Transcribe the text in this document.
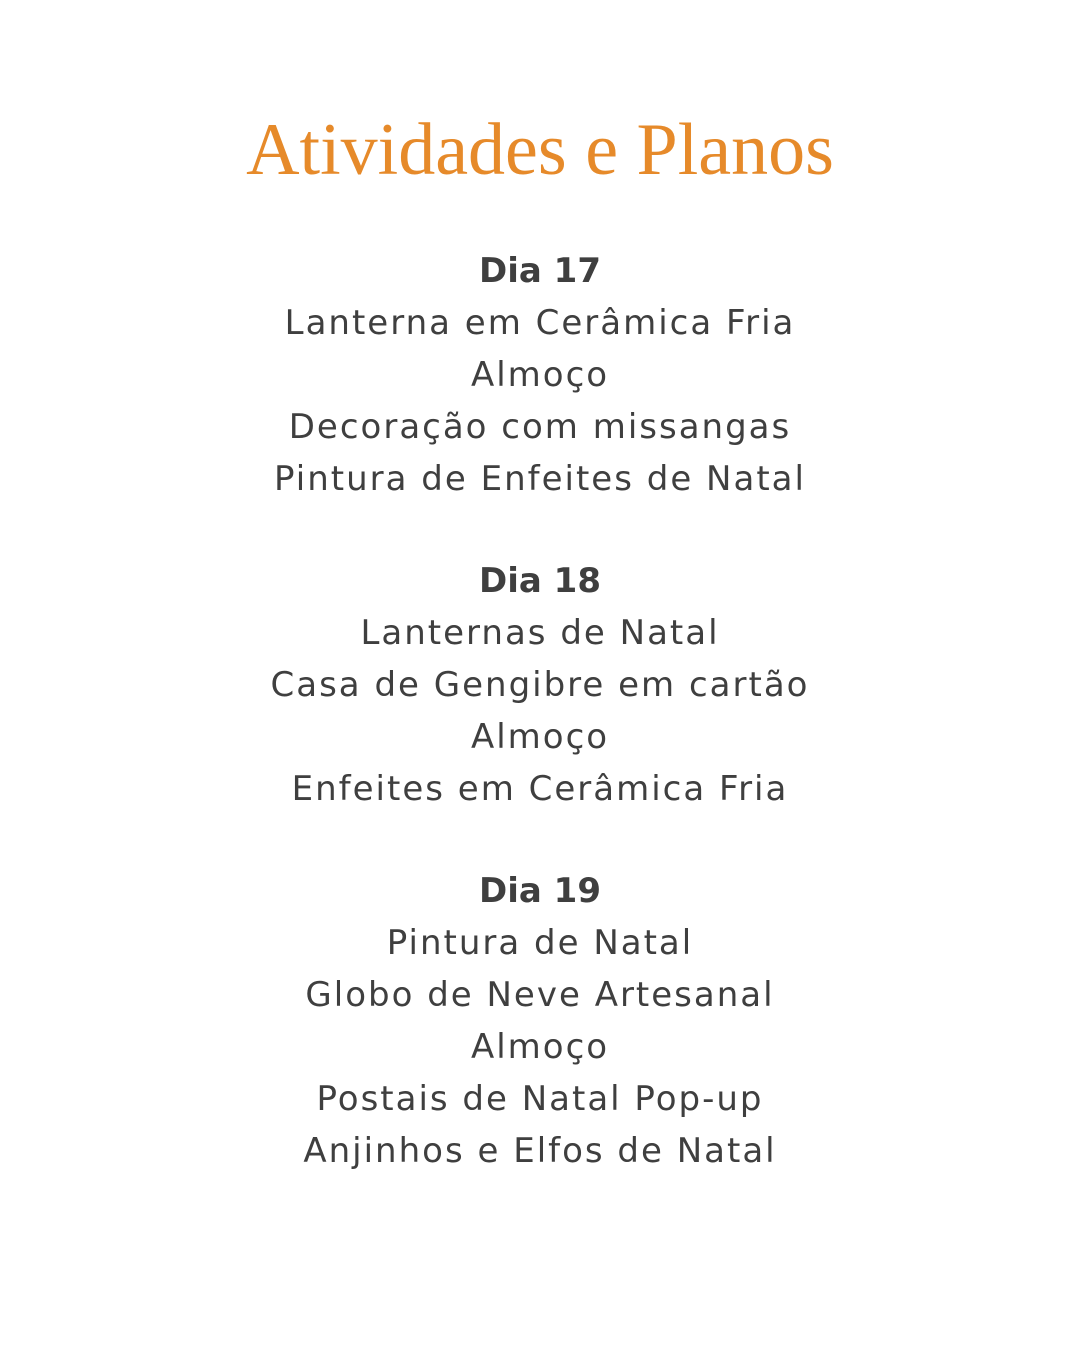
Atividades e Planos
Dia 17
Lanterna em Cerâmica Fria
Almoço
Decoração com missangas
Pintura de Enfeites de Natal
Dia 18
Lanternas de Natal
Casa de Gengibre em cartão
Almoço
Enfeites em Cerâmica Fria
Dia 19
Pintura de Natal
Globo de Neve Artesanal
Almoço
Postais de Natal Pop-up
Anjinhos e Elfos de Natal
